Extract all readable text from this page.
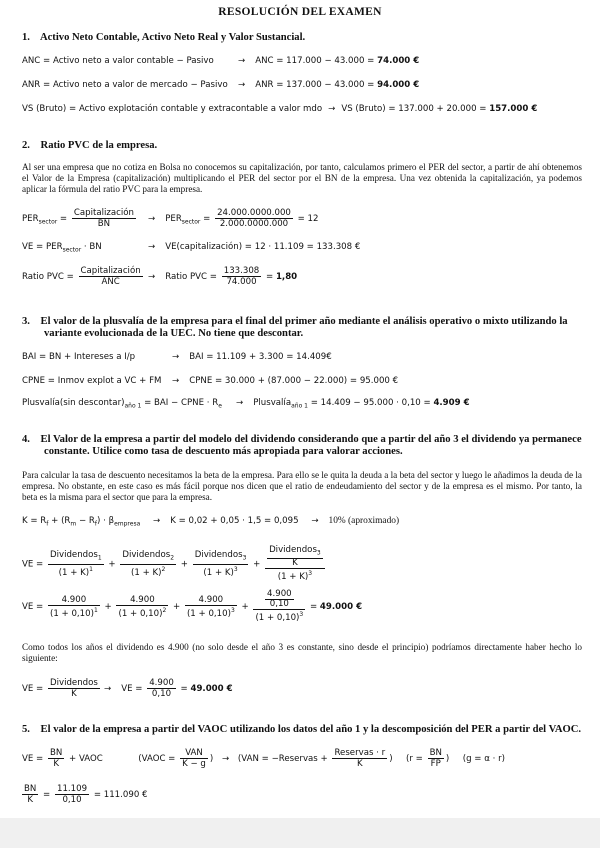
RESOLUCIÓN DEL EXAMEN
1.    Activo Neto Contable, Activo Neto Real y Valor Sustancial.
ANC = Activo neto a valor contable − Pasivo	→ ANC = 117.000 − 43.000 = 74.000 €
ANR = Activo neto a valor de mercado − Pasivo → ANR = 137.000 − 43.000 = 94.000 €
VS (Bruto) = Activo explotación contable y extracontable a valor mdo → VS (Bruto) = 137.000 + 20.000 = 157.000 €
2.    Ratio PVC de la empresa.
Al ser una empresa que no cotiza en Bolsa no conocemos su capitalización, por tanto, calculamos primero el PER del sector, a partir de ahí obtenemos el Valor de la Empresa (capitalización) multiplicando el PER del sector por el BN de la empresa. Una vez obtenida la capitalización, ya podemos aplicar la fórmula del ratio PVC para la empresa.
$PER_{sector} = \frac{\text{Capitalización}}{BN} \to PER_{sector} = \frac{24.000.0000.000}{2.000.0000.000} = 12$
VE = $PER_{sector}$ · BN	→ VE(capitalización) = 12 · 11.109 = 133.308 €
Ratio PVC = $\frac{\text{Capitalización}}{\text{ANC}}$ → Ratio PVC = $\frac{133.308}{74.000} = 1,80$
3.    El valor de la plusvalía de la empresa para el final del primer año mediante el análisis operativo o mixto utilizando la
variante evolucionada de la UEC. No tiene que descontar.
BAI = BN + Intereses a I/p	→ BAI = 11.109 + 3.300 = 14.409€
CPNE = Inmov explot a VC + FM → CPNE = 30.000 + (87.000 − 22.000) = 95.000 €
Plusvalía(sin $descontar)_{año 1}$ = BAI − CPNE · $R_e$ → Plusvalía$_{año 1}$ = 14.409 − 95.000 · 0,10 = 4.909 €
4.    El Valor de la empresa a partir del modelo del dividendo considerando que a partir del año 3 el dividendo ya permanece
constante. Utilice como tasa de descuento más apropiada para valorar acciones.
Para calcular la tasa de descuento necesitamos la beta de la empresa. Para ello se le quita la deuda a la beta del sector y luego le añadimos la deuda de la empresa. No obstante, en este caso es más fácil porque nos dicen que el ratio de endeudamiento del sector y de la empresa es el mismo. Por tanto, la beta es la misma para el sector que para la empresa.
$K = R_f + (R_m - R_f) \cdot \beta_{empresa} \to K = 0,02 + 0,05 \cdot 1,5 = 0,095 \to 10\%$ (aproximado)
VE = $\frac{Dividendos_1}{(1 + K)^1} + \frac{Dividendos_2}{(1 + K)^2} + \frac{Dividendos_3}{(1 + K)^3} + \frac{\frac{Dividendos_3}{K}}{(1 + K)^3}$
VE = $\frac{4.900}{(1 + 0,10)^1} + \frac{4.900}{(1 + 0,10)^2} + \frac{4.900}{(1 + 0,10)^3} + \frac{\frac{4.900}{0,10}}{(1 + 0,10)^3} = 49.000$ €
Como todos los años el dividendo es 4.900 (no solo desde el año 3 es constante, sino desde el principio) podríamos directamente haber hecho lo siguiente:
VE = $\frac{\text{Dividendos}}{K}$ → VE = $\frac{4.900}{0,10} = 49.000$ €
5.    El valor de la empresa a partir del VAOC utilizando los datos del año 1 y la descomposición del PER a partir del VAOC.
VE = $\frac{BN}{K}$ + VAOC	(VAOC = $\frac{\text{VAN}}{K - g}$ ) → (VAN = −Reservas + $\frac{\text{Reservas · r}}{K}$ )  ($r = \frac{BN}{FP}$ )  (g = α · r)
$\frac{BN}{K} = \frac{11.109}{0,10} = 111.090$ €
